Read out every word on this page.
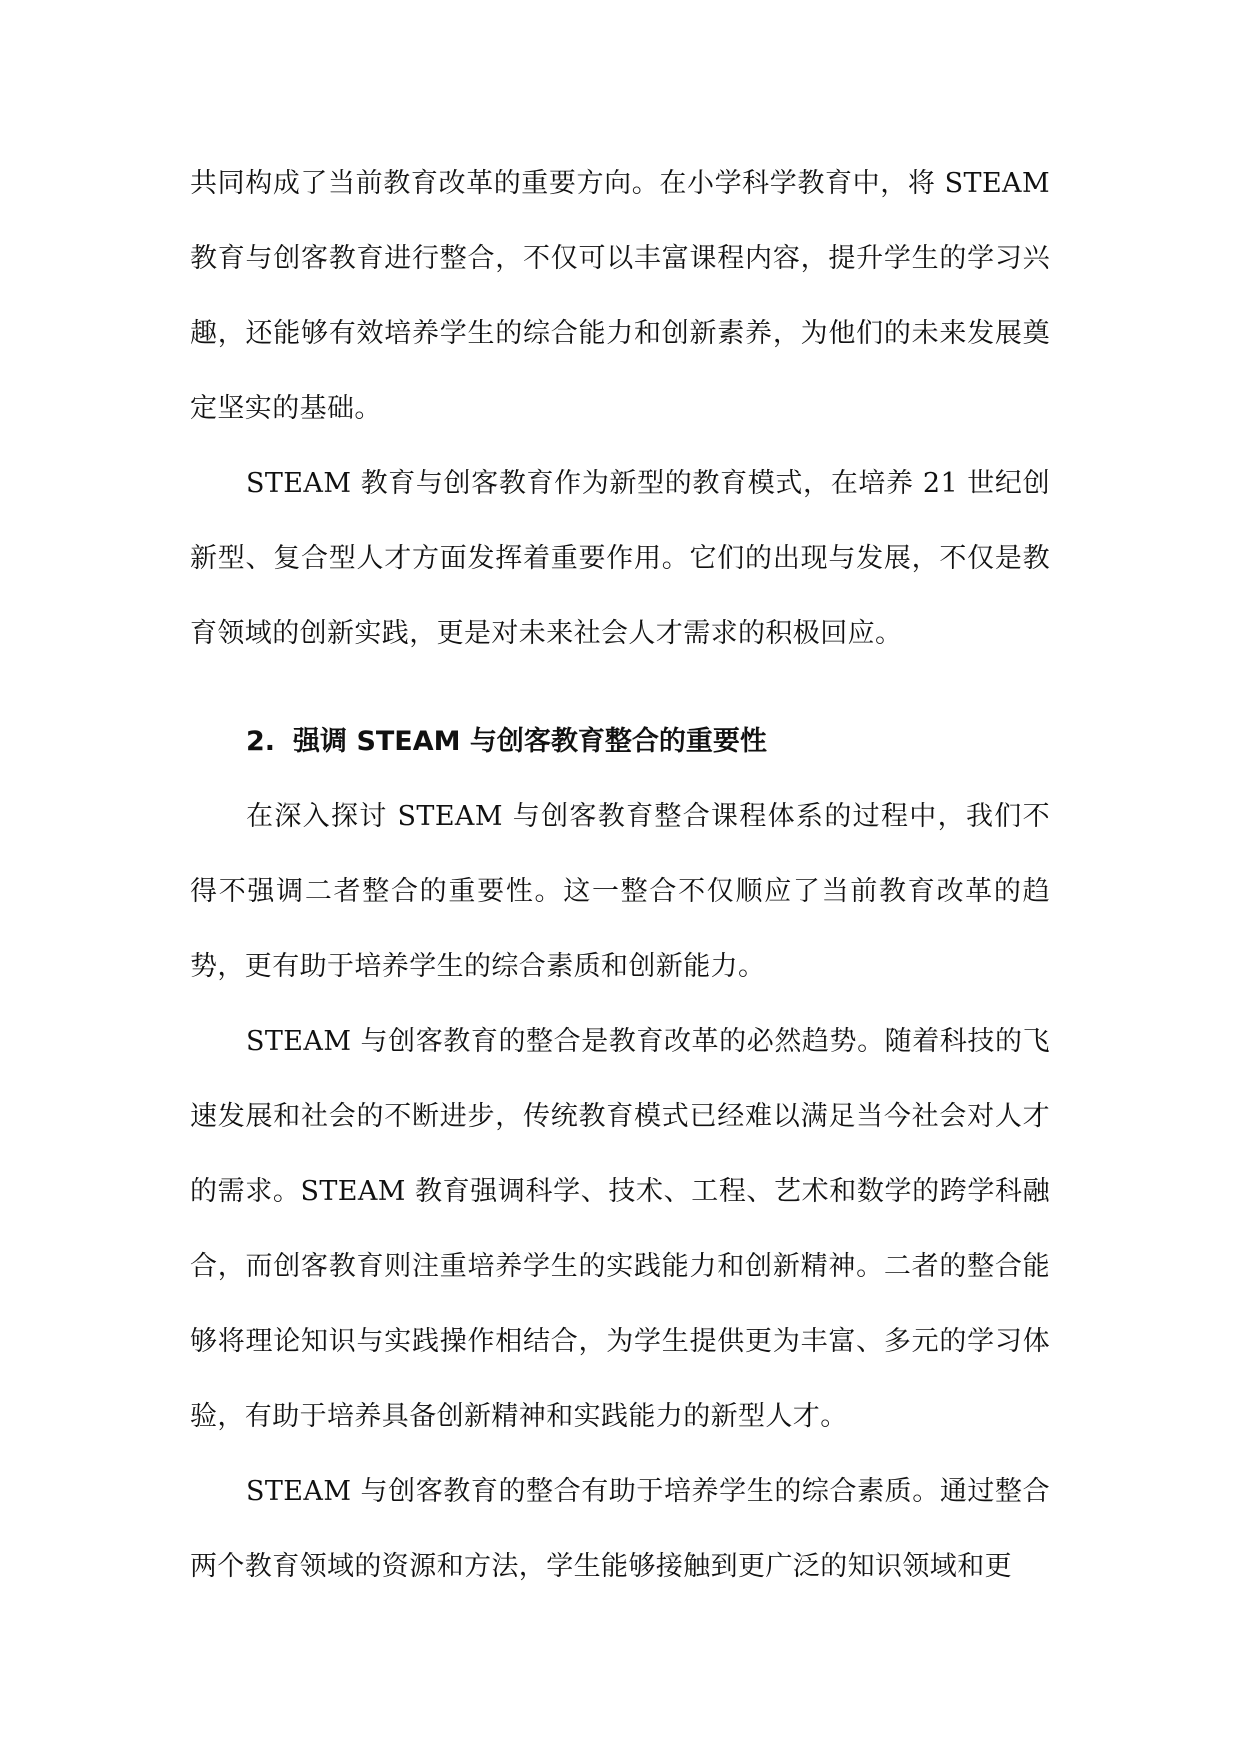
共同构成了当前教育改革的重要方向。在小学科学教育中，将 STEAM 教育与创客教育进行整合，不仅可以丰富课程内容，提升学生的学习兴趣，还能够有效培养学生的综合能力和创新素养，为他们的未来发展奠定坚实的基础。

STEAM 教育与创客教育作为新型的教育模式，在培养 21 世纪创新型、复合型人才方面发挥着重要作用。它们的出现与发展，不仅是教育领域的创新实践，更是对未来社会人才需求的积极回应。

2. 强调 STEAM 与创客教育整合的重要性

在深入探讨 STEAM 与创客教育整合课程体系的过程中，我们不得不强调二者整合的重要性。这一整合不仅顺应了当前教育改革的趋势，更有助于培养学生的综合素质和创新能力。

STEAM 与创客教育的整合是教育改革的必然趋势。随着科技的飞速发展和社会的不断进步，传统教育模式已经难以满足当今社会对人才的需求。STEAM 教育强调科学、技术、工程、艺术和数学的跨学科融合，而创客教育则注重培养学生的实践能力和创新精神。二者的整合能够将理论知识与实践操作相结合，为学生提供更为丰富、多元的学习体验，有助于培养具备创新精神和实践能力的新型人才。

STEAM 与创客教育的整合有助于培养学生的综合素质。通过整合两个教育领域的资源和方法，学生能够接触到更广泛的知识领域和更
